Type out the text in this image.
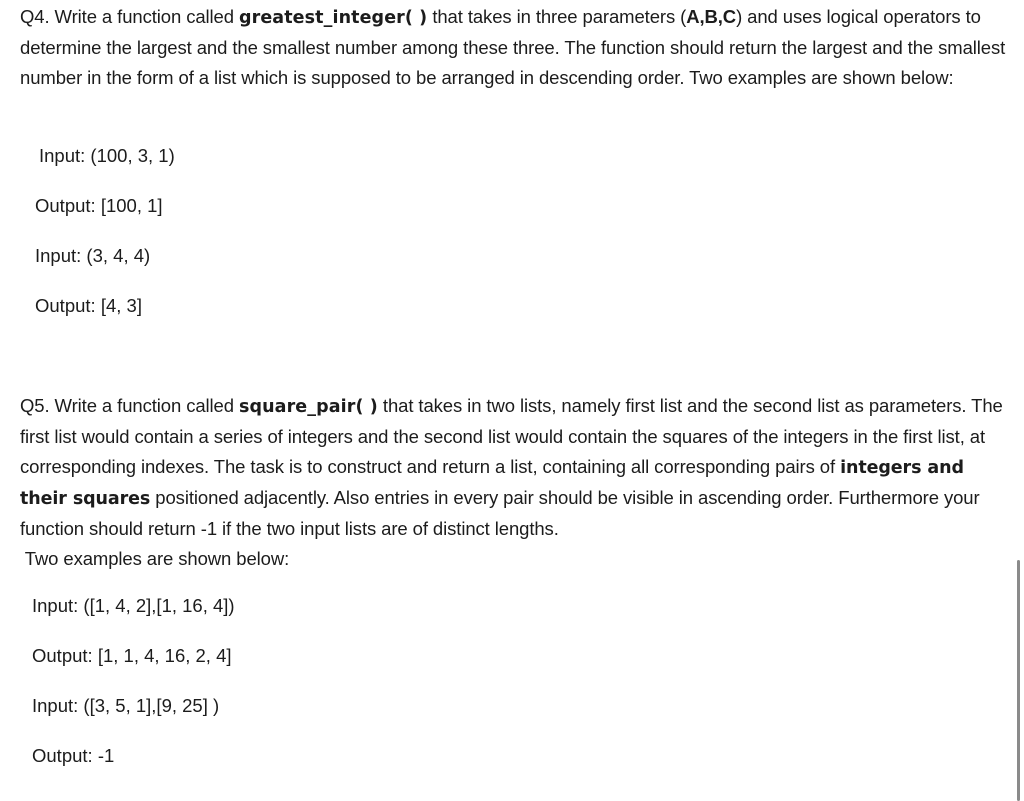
Q4. Write a function called greatest_integer( ) that takes in three parameters (A,B,C) and uses logical operators to determine the largest and the smallest number among these three. The function should return the largest and the smallest number in the form of a list which is supposed to be arranged in descending order. Two examples are shown below:

Input: (100, 3, 1)

Output: [100, 1]

Input: (3, 4, 4)

Output: [4, 3]

Q5. Write a function called square_pair( ) that takes in two lists, namely first list and the second list as parameters. The first list would contain a series of integers and the second list would contain the squares of the integers in the first list, at corresponding indexes. The task is to construct and return a list, containing all corresponding pairs of integers and their squares positioned adjacently. Also entries in every pair should be visible in ascending order. Furthermore your function should return -1 if the two input lists are of distinct lengths.
Two examples are shown below:

Input: ([1, 4, 2],[1, 16, 4])

Output: [1, 1, 4, 16, 2, 4]

Input: ([3, 5, 1],[9, 25] )

Output: -1
